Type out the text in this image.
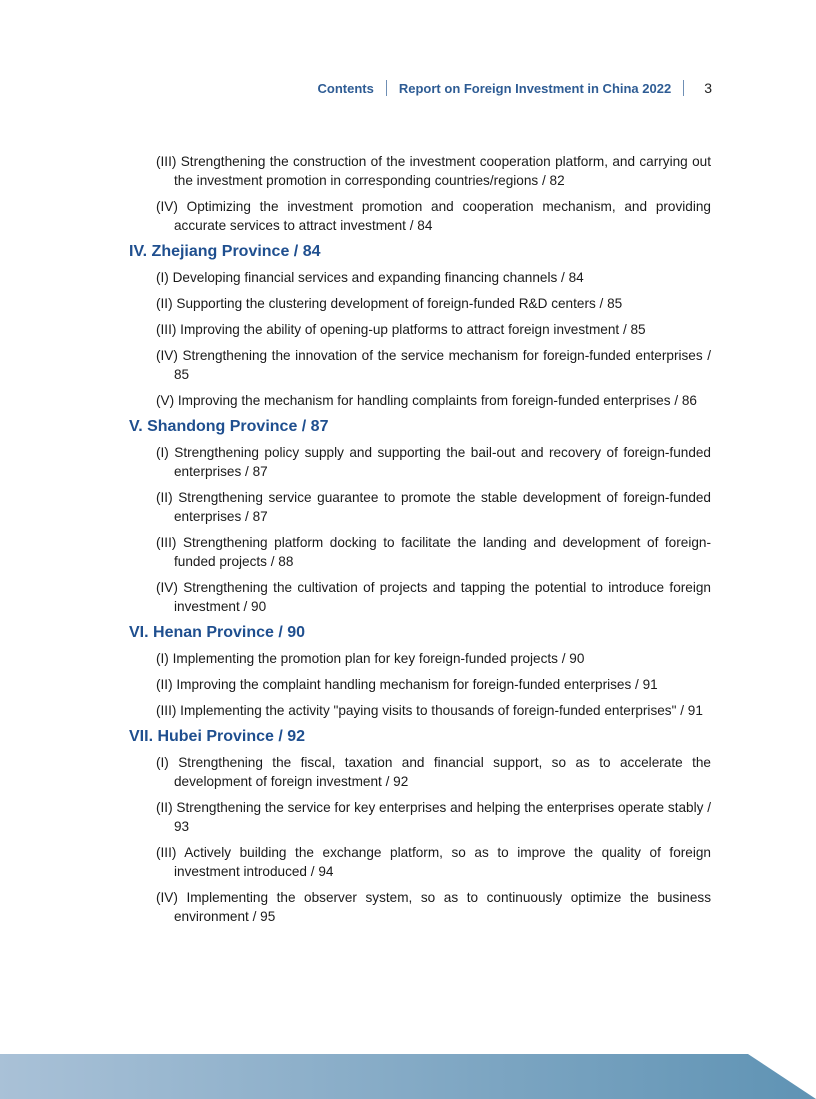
Contents Report on Foreign Investment in China 2022 3
(III) Strengthening the construction of the investment cooperation platform, and carrying out the investment promotion in corresponding countries/regions / 82
(IV) Optimizing the investment promotion and cooperation mechanism, and providing accurate services to attract investment / 84
IV. Zhejiang Province / 84
(I) Developing financial services and expanding financing channels / 84
(II) Supporting the clustering development of foreign-funded R&D centers / 85
(III) Improving the ability of opening-up platforms to attract foreign investment / 85
(IV) Strengthening the innovation of the service mechanism for foreign-funded enterprises / 85
(V) Improving the mechanism for handling complaints from foreign-funded enterprises / 86
V. Shandong Province / 87
(I) Strengthening policy supply and supporting the bail-out and recovery of foreign-funded enterprises / 87
(II) Strengthening service guarantee to promote the stable development of foreign-funded enterprises / 87
(III) Strengthening platform docking to facilitate the landing and development of foreign-funded projects / 88
(IV) Strengthening the cultivation of projects and tapping the potential to introduce foreign investment / 90
VI. Henan Province / 90
(I) Implementing the promotion plan for key foreign-funded projects / 90
(II) Improving the complaint handling mechanism for foreign-funded enterprises / 91
(III) Implementing the activity "paying visits to thousands of foreign-funded enterprises" / 91
VII. Hubei Province / 92
(I) Strengthening the fiscal, taxation and financial support, so as to accelerate the development of foreign investment / 92
(II) Strengthening the service for key enterprises and helping the enterprises operate stably / 93
(III) Actively building the exchange platform, so as to improve the quality of foreign investment introduced / 94
(IV) Implementing the observer system, so as to continuously optimize the business environment / 95
